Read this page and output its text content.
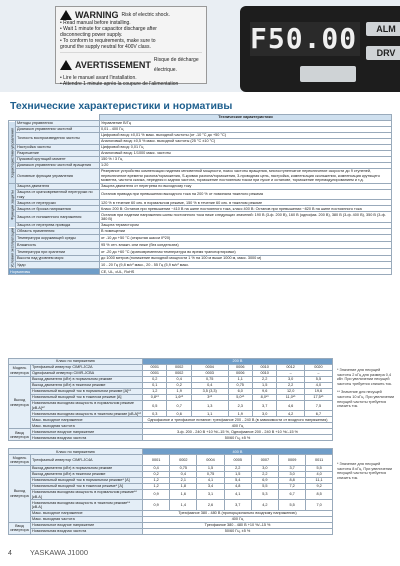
WARNING Risk of electric shock.
• Read manual before installing.
• Wait 1 minute for capacitor discharge after
disconnecting power supply.
• To conform to requirements, make sure to
ground the supply neutral for 400V class.
AVERTISSEMENT Risque de décharge électrique.
• Lire le manuel avant l'installation.
• Attendre 1 minute après la coupure de l'alimentation
F50.00	ALM
DRV
Технические характеристики и нормативы
		Технические характеристики
Характеристики управления	Методы управления	Управление В/Гц
	Диапазон управления частотой	0,01 - 400 Гц
	Точность воспроизведения частоты	Цифровой вход: ±0,01 % макс. выходной частоты (от -10 °C до +50 °C)
		Аналоговый вход: ±0,5 % макс. выходной частоты (25 °C ±10 °C)
	Настройка частоты	Цифровой вход: 0,01 Гц
	Разрешение	Аналоговый вход: 1/1000 макс. частоты
	Пусковой крутящий момент	150 % / 3 Гц
	Диапазон управления частотой вращения	1:20
	Основные функции управления	Резервное устройство компенсации падения мгновенной мощности, поиск частоты вращения, многоступенчатое переключение скорости до 9 ступеней, переключение времени разгона/торможения, S-кривая разгона/торможения, 3-проводная цепь, настройка, компенсация скольжения, компенсация крутящего момента, частота скачка, передняя и задняя частота, торможение постоянным током при пуске и останове, торможение перемодулированием и т.д.
Функции защиты	Защита двигателя	Защита двигателя от перегрева по выходному току
	Защита от кратковременной перегрузки по току	Останов привода при превышении выходного тока на 200 % от номинала тяжелого режима
	Защита от перегрузки	120 % в течение 60 сек. в нормальном режиме, 150 % в течение 60 сек. в тяжелом режиме
	Защита от броска напряжения	Класс 200 В: Останов при превышении ~410 В на шине постоянного тока, класс 400 В: Останов при превышении ~820 В на шине постоянного тока
	Защита от пониженного напряжения	Останов при падении напряжения шины постоянного тока ниже следующих значений: 190 В (3-ф. 200 В), 160 В (однофаз. 200 В), 380 В (3-ф. 400 В), 350 В (3-ф. 380 В)
	Защита от перегрева привода	Защита термистором
Условия эксплуатации	Область применения	В помещении
	Температура окружающей среды	от -10 до +50 °C (открытая шасси IP20)
	Влажность	95 % отн. влажн. или ниже (без конденсата)
	Температура при хранении	от ‑20 до +60 °C (кратковременная температура во время транспортировки)
	Высота над уровнем моря	до 1000 метров (понижение выходной мощности 1 % на 100 м выше 1000 м, макс. 3000 м)
	Удар	10 - 20 Гц (9,8 м/с² макс., 20 - 55 Гц (5,9 м/с² макс.
Нормативы		CE, UL, cUL, RoHS
Класс по напряжению		200 В						
Модель инвертора	Трехфазный инвертор CIMR-JC2A	0001	0002	0004	0006	0010	0012	0020
	Однофазный инвертор CIMR-JCBA	0001	0002	0003	0006	0010	–	–
Выход инвертора	Выход двигателя (кВт) в нормальном режиме	0,2	0,4	0,75	1,1	2,2	3,0	5,5
	Выход двигателя (кВт) в тяжелом режиме	0,1	0,2	0,4	0,75	1,5	2,2	4,0
	Номинальный выходной ток в нормальном режиме [А]*¹	1,2	1,9	3,5 (3,3)	6,0	9,6	12,0	19,6
	Номинальный выходной ток в тяжелом режиме [А]	0,8*¹	1,6*¹	3*¹	5,0*¹	8,0*¹	11,0*¹	17,5*¹
	Номинальная выходная мощность в нормальном режиме [кВ.А]*²	0,5	0,7	1,3	2,3	3,7	4,6	7,5
	Номинальная выходная мощность в тяжелом режиме [кВ.А]*²	0,3	0,6	1,1	1,9	3,0	4,2	6,7
	Макс. выходное напряжение	Однофазное и трехфазное питание: трехфазное 200 - 240 В (в зависимости от входного напряжения)						
	Макс. выходная частота	400 Гц						
Ввод инвертора	Номинальное входное напряжение	3-ф. 200 - 240 В +10 %/–15 %, Однофазное 200 - 240 В +10 %/–15 %						
	Номинальная входная частота	50/60 Гц, ±5 %						
Класс по напряжению		400 В						
Модель инвертора	Трехфазный инвертор CIMR-JC4A	0001	0002	0004	0005	0007	0009	0011
Выход инвертора	Выход двигателя (кВт) в нормальном режиме	0,4	0,75	1,5	2,2	3,0	3,7	5,5
	Выход двигателя (кВт) в тяжелом режиме	0,2	0,4	0,75	1,5	2,2	3,0	4,0
	Номинальный выходной ток в нормальном режиме* [А]	1,2	2,1	4,1	5,4	6,9	8,8	11,1
	Номинальный выходной ток в тяжелом режиме* [А]	1,2	1,8	3,4	4,8	5,5	7,2	9,2
	Номинальная выходная мощность в нормальном режиме** [кВ.А]	0,9	1,6	3,1	4,1	5,3	6,7	8,5
	Номинальная выходная мощность в тяжелом режиме** [кВ.А]	0,9	1,4	2,6	3,7	4,2	5,5	7,0
	Макс. выходное напряжение	Трехфазное 380 - 480 В (пропорционально входному напряжению)						
	Макс. выходная частота	400 Гц						
Ввод инвертора	Номинальное входное напряжение	Трехфазное 380 - 480 В +10 %/–15 %						
	Номинальная входная частота	50/60 Гц, ±5 %						
* Значение для несущей частоты 2 кГц для размера 0,4 кВт. При увеличении несущей частоты требуется снизить ток.
** Значение для несущей частоты 10 кГц. При увеличении несущей частоты требуется снизить ток.
* Значение для несущей частоты 8 кГц. При увеличении несущей частоты требуется снизить ток.
4 YASKAWA J1000
